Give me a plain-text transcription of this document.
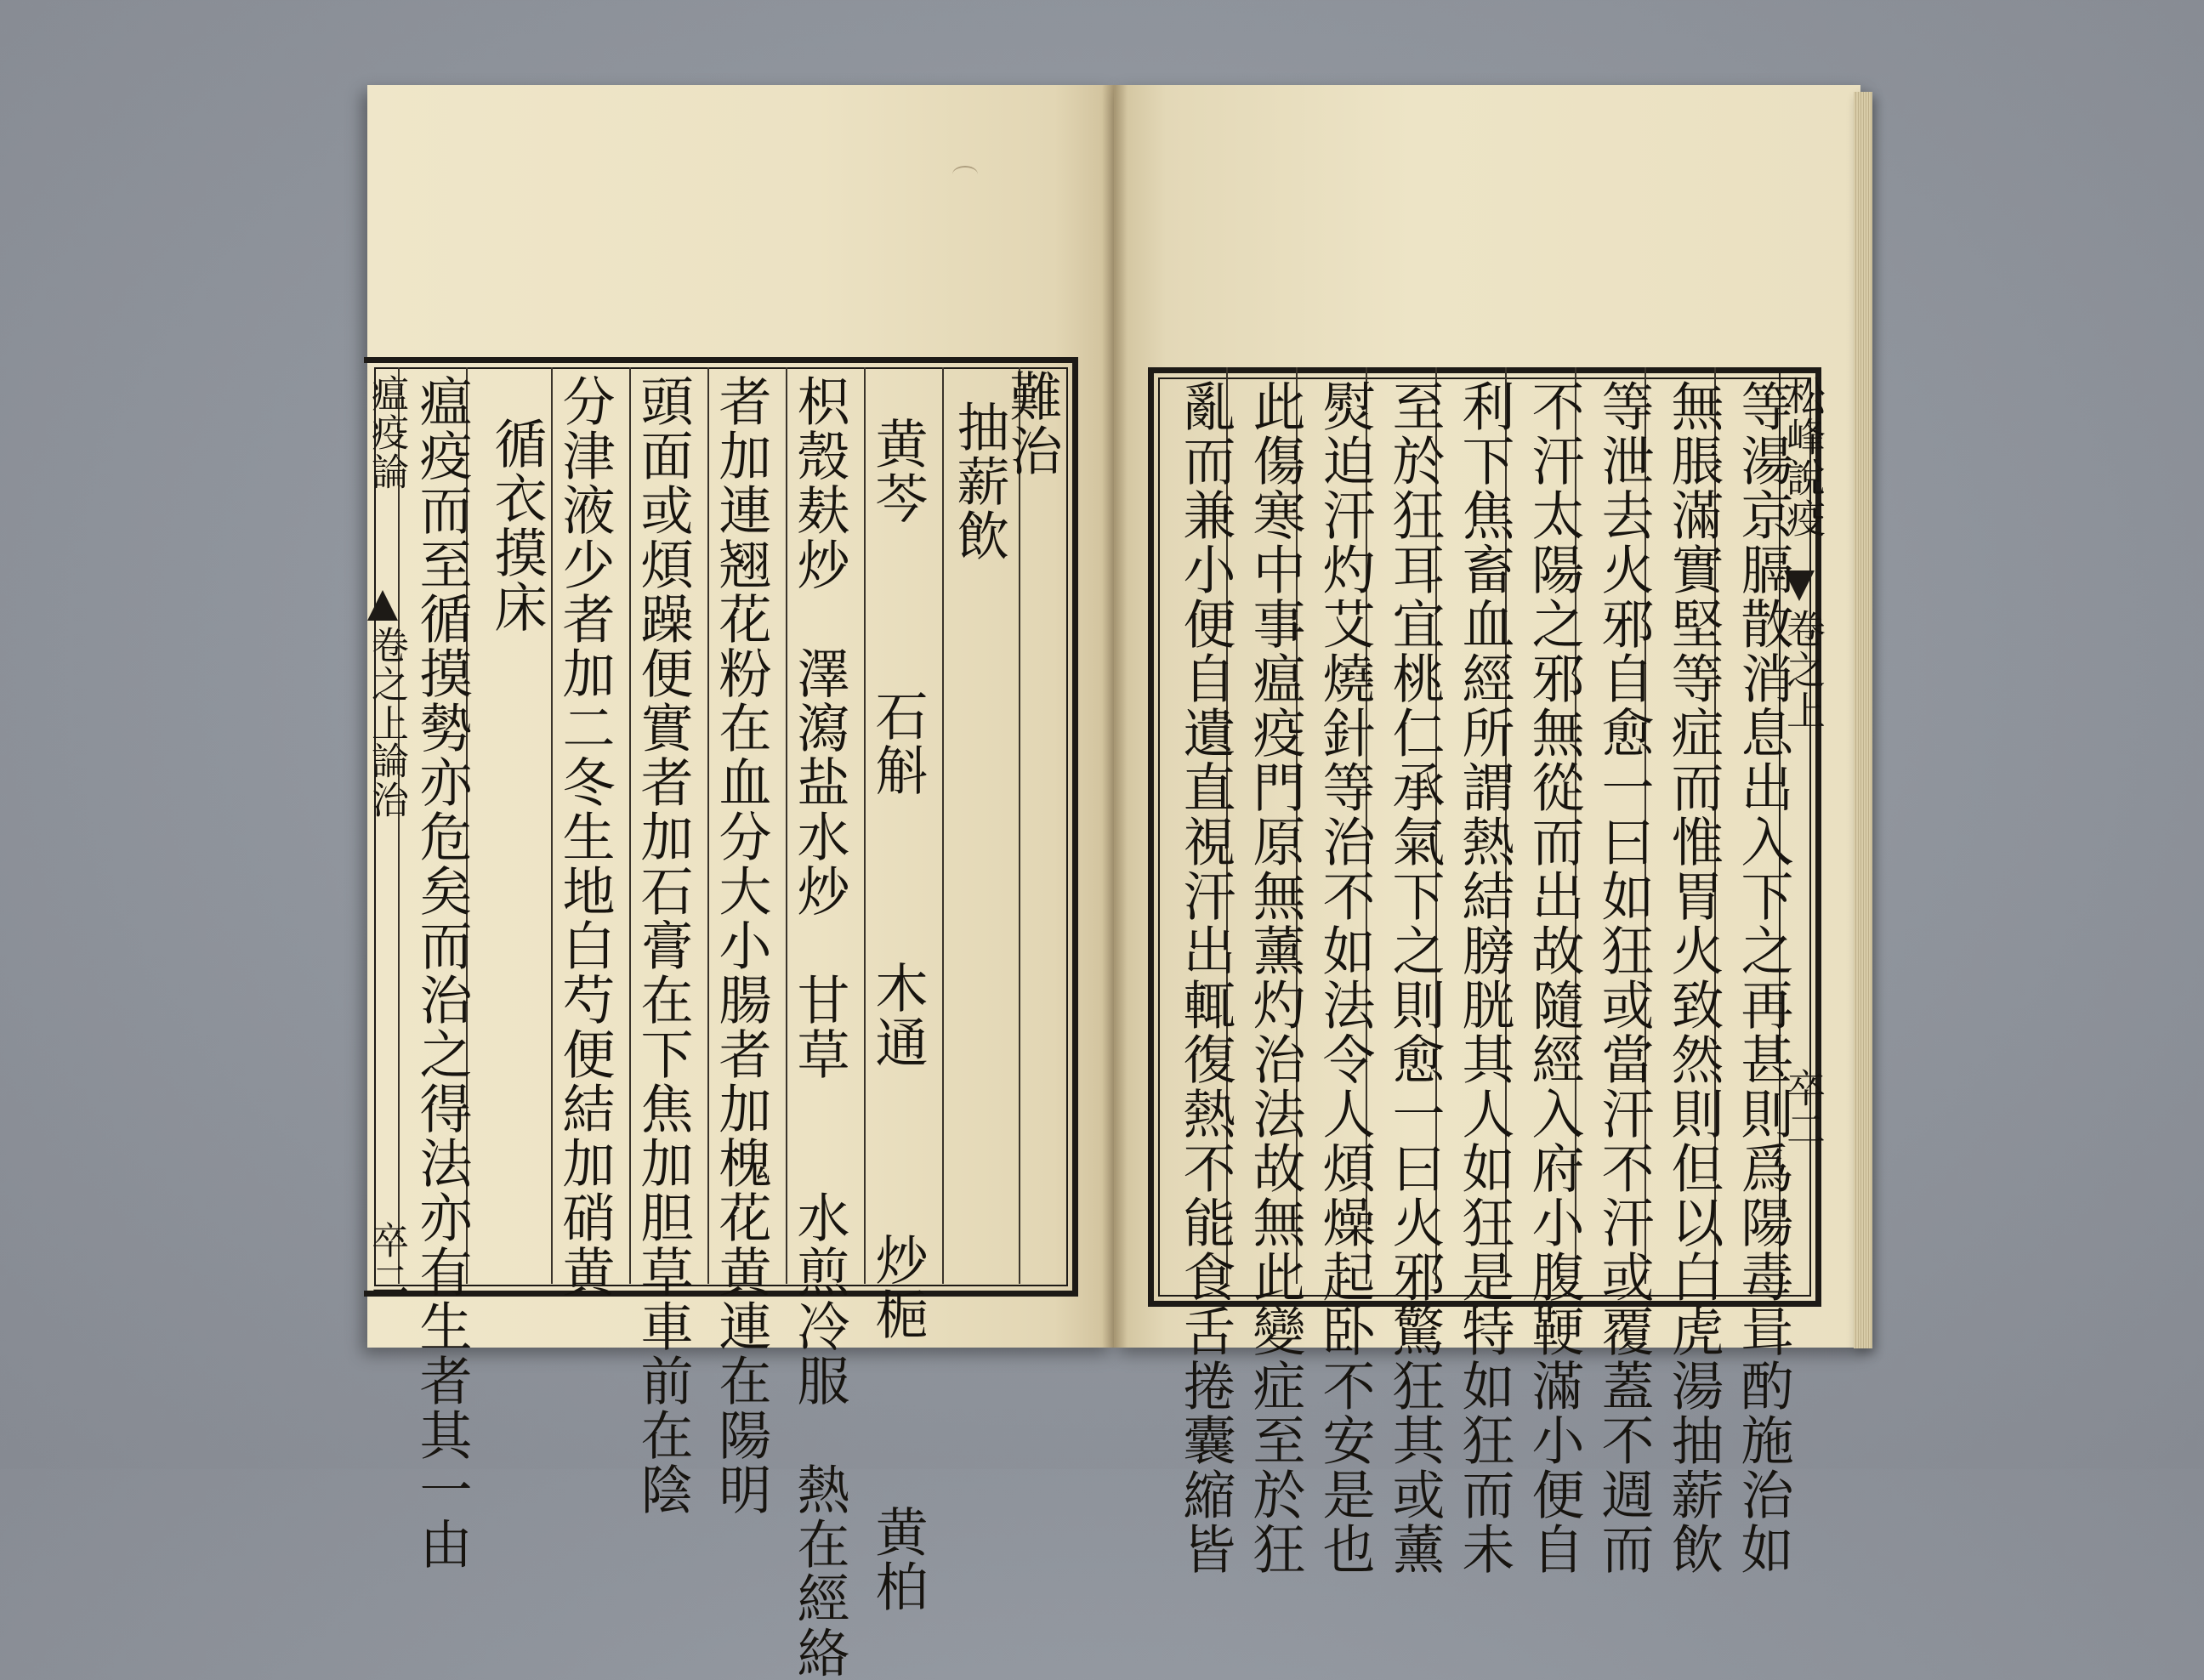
瘟疫論
卷之上
論治
卒二
難治
抽薪飲
黄芩　　　石斛　　　木通　　　炒梔　　　黄柏
枳殼麸炒　澤瀉盐水炒　甘草　　水煎冷服　熱在經絡
者加連翘花粉在血分大小腸者加槐花黄連在陽明
頭面或煩躁便實者加石膏在下焦加胆草車前在陰
分津液少者加二冬生地白芍便結加硝黄
循衣摸床
瘟疫而至循摸勢亦危矣而治之得法亦有生者其一由	松峰說疫
卷之上
卒二
等湯京膈散消息出入下之再甚則爲陽毒咠酌施治如
無脹滿實堅等症而惟胃火致然則但以白虎湯抽薪飲
等泄去火邪自愈一曰如狂或當汗不汗或覆蓋不週而
不汗太陽之邪無從而出故隨經入府小腹鞕滿小便自
利下焦畜血經所謂熱結膀胱其人如狂是特如狂而未
至於狂耳宜桃仁承氣下之則愈一曰火邪驚狂其或薰
熨迫汗灼艾燒針等治不如法令人煩燥起卧不安是也
此傷寒中事瘟疫門原無薰灼治法故無此變症至於狂
亂而兼小便自遺直視汗出輒復熱不能食舌捲囊縮皆
